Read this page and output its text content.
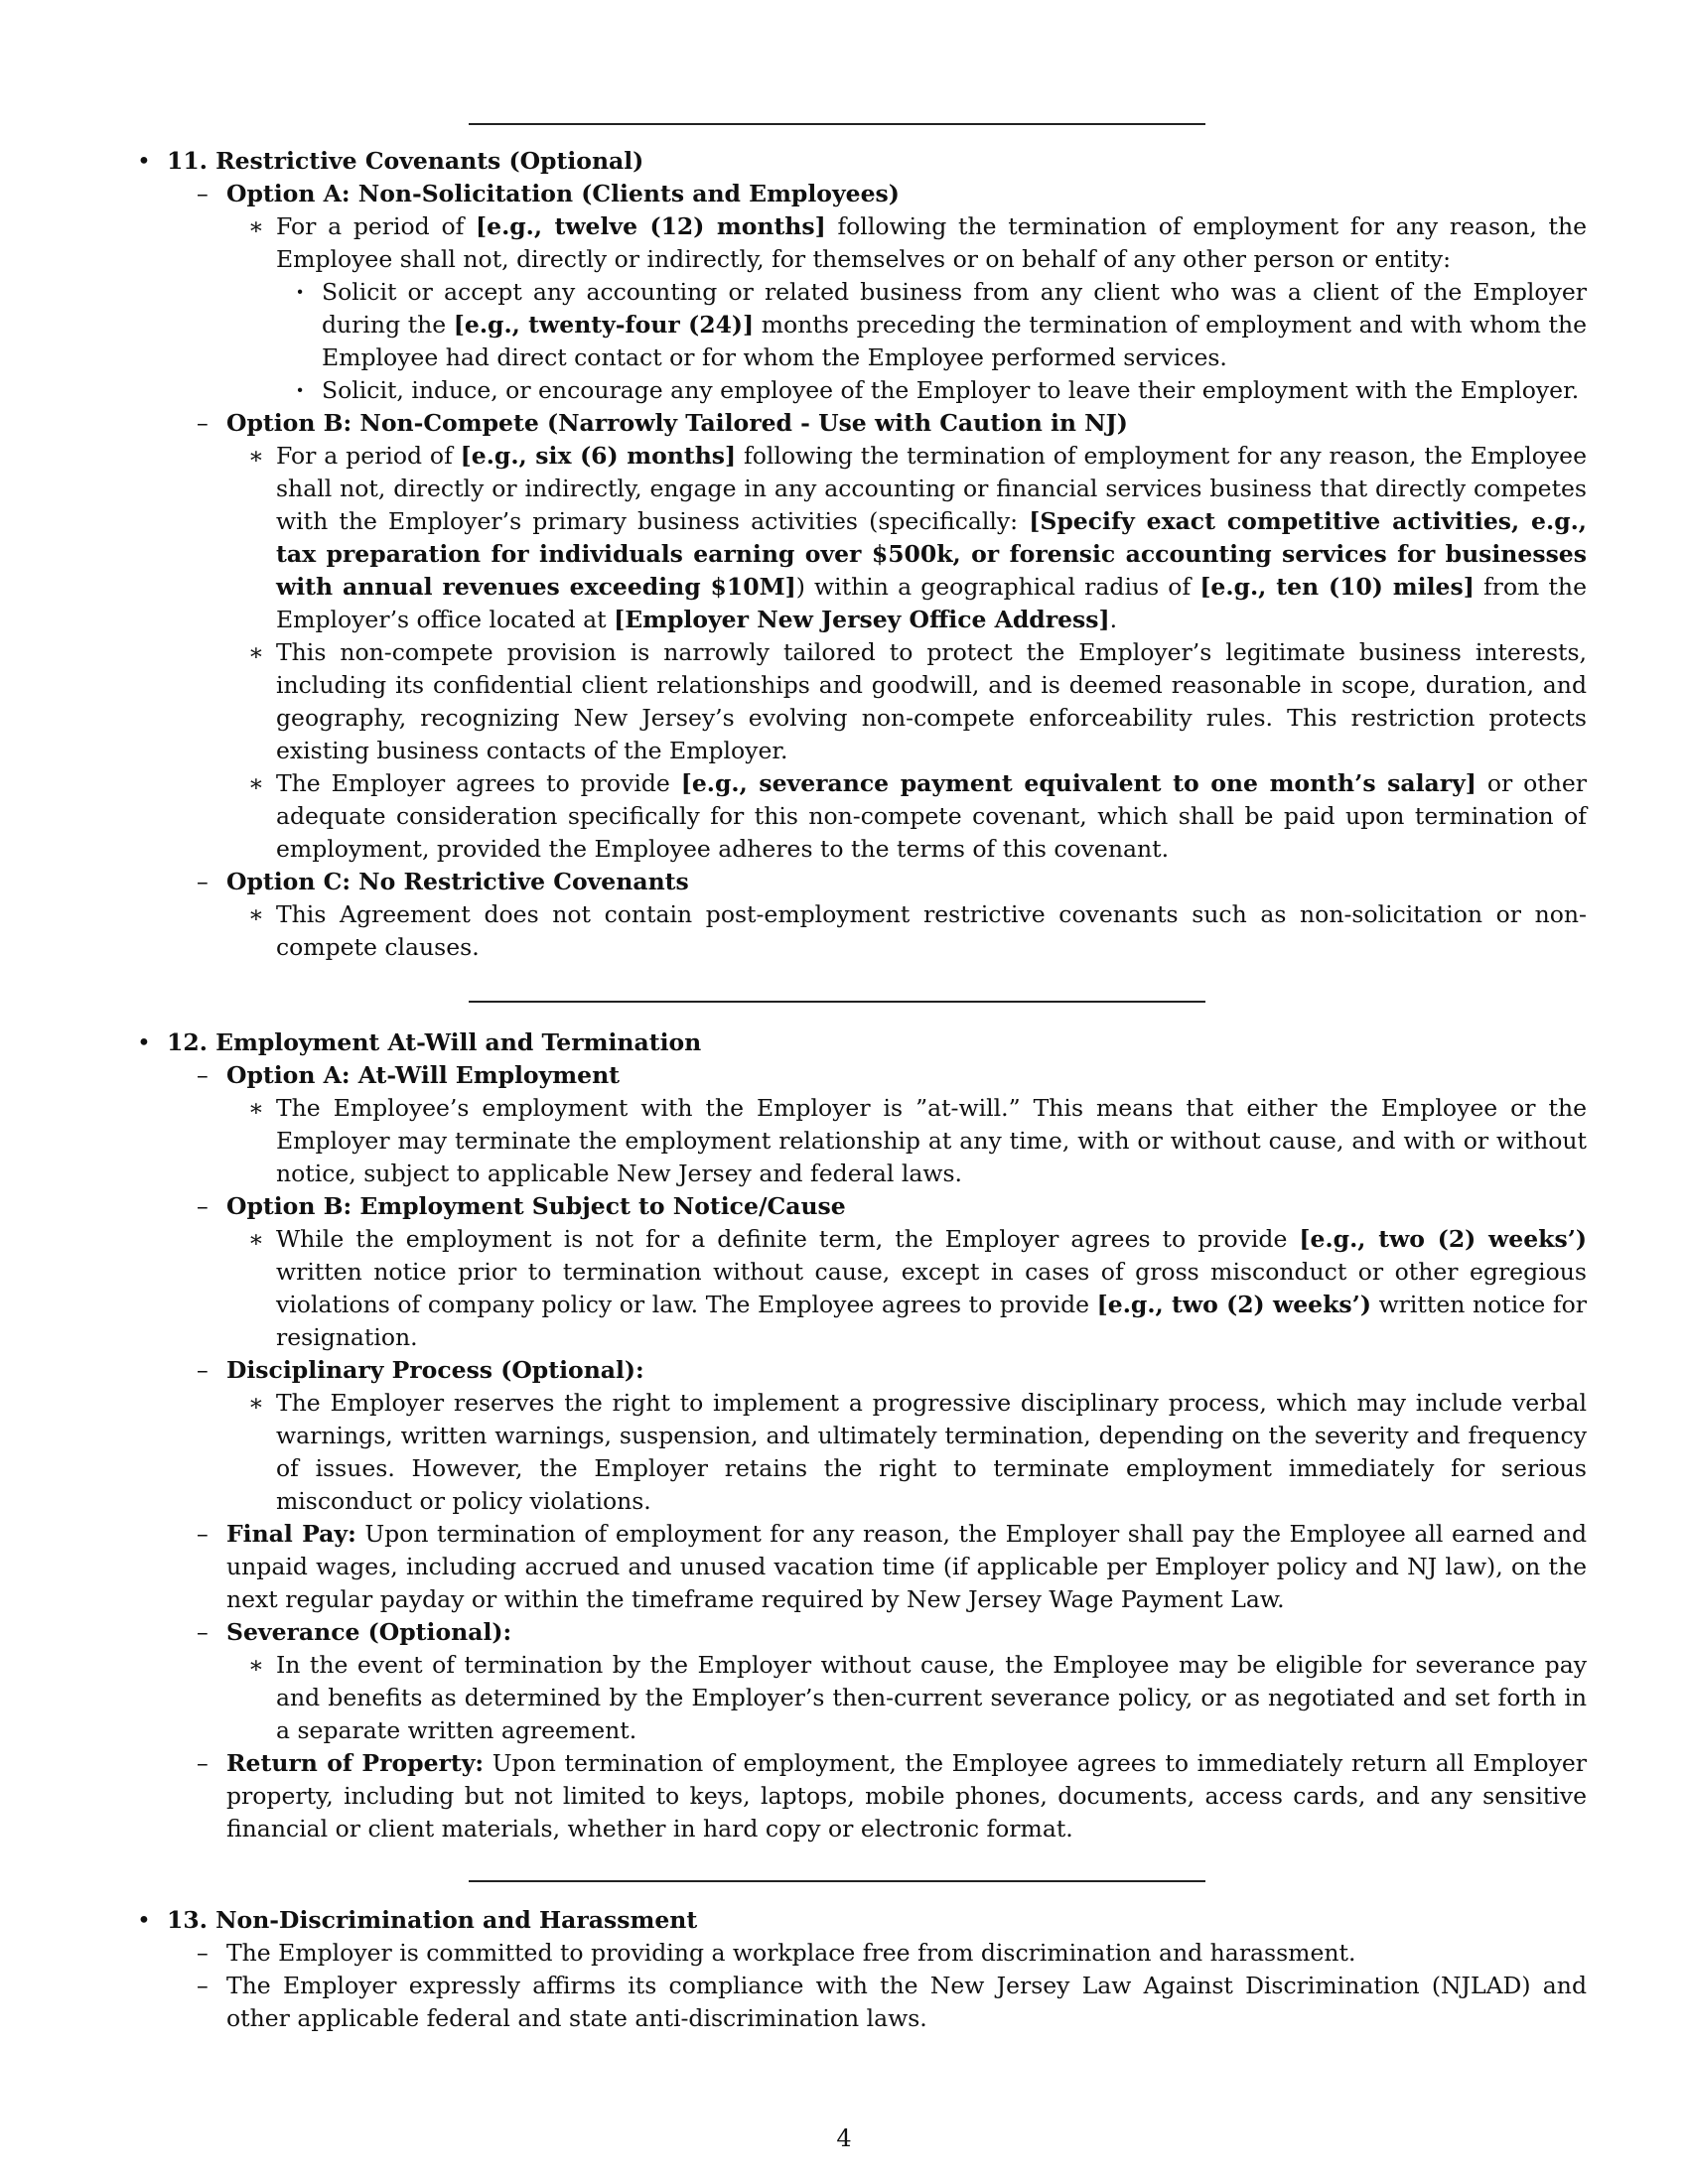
• 11. Restrictive Covenants (Optional)
– Option A: Non-Solicitation (Clients and Employees)
∗ For a period of [e.g., twelve (12) months] following the termination of employment for any reason, the Employee shall not, directly or indirectly, for themselves or on behalf of any other person or entity:
· Solicit or accept any accounting or related business from any client who was a client of the Employer during the [e.g., twenty-four (24)] months preceding the termination of employment and with whom the Employee had direct contact or for whom the Employee performed services.
· Solicit, induce, or encourage any employee of the Employer to leave their employment with the Employer.
– Option B: Non-Compete (Narrowly Tailored - Use with Caution in NJ)
∗ For a period of [e.g., six (6) months] following the termination of employment for any reason, the Employee shall not, directly or indirectly, engage in any accounting or financial services business that directly competes with the Employer’s primary business activities (specifically: [Specify exact competitive activities, e.g., tax preparation for individuals earning over $500k, or forensic accounting services for businesses with annual revenues exceeding $10M]) within a geographical radius of [e.g., ten (10) miles] from the Employer’s office located at [Employer New Jersey Office Address].
∗ This non-compete provision is narrowly tailored to protect the Employer’s legitimate business interests, including its confidential client relationships and goodwill, and is deemed reasonable in scope, duration, and geography, recognizing New Jersey’s evolving non-compete enforceability rules. This restriction protects existing business contacts of the Employer.
∗ The Employer agrees to provide [e.g., severance payment equivalent to one month’s salary] or other adequate consideration specifically for this non-compete covenant, which shall be paid upon termination of employment, provided the Employee adheres to the terms of this covenant.
– Option C: No Restrictive Covenants
∗ This Agreement does not contain post-employment restrictive covenants such as non-solicitation or non-compete clauses.
• 12. Employment At-Will and Termination
– Option A: At-Will Employment
∗ The Employee’s employment with the Employer is ”at-will.” This means that either the Employee or the Employer may terminate the employment relationship at any time, with or without cause, and with or without notice, subject to applicable New Jersey and federal laws.
– Option B: Employment Subject to Notice/Cause
∗ While the employment is not for a definite term, the Employer agrees to provide [e.g., two (2) weeks’) written notice prior to termination without cause, except in cases of gross misconduct or other egregious violations of company policy or law. The Employee agrees to provide [e.g., two (2) weeks’) written notice for resignation.
– Disciplinary Process (Optional):
∗ The Employer reserves the right to implement a progressive disciplinary process, which may include verbal warnings, written warnings, suspension, and ultimately termination, depending on the severity and frequency of issues. However, the Employer retains the right to terminate employment immediately for serious misconduct or policy violations.
– Final Pay: Upon termination of employment for any reason, the Employer shall pay the Employee all earned and unpaid wages, including accrued and unused vacation time (if applicable per Employer policy and NJ law), on the next regular payday or within the timeframe required by New Jersey Wage Payment Law.
– Severance (Optional):
∗ In the event of termination by the Employer without cause, the Employee may be eligible for severance pay and benefits as determined by the Employer’s then-current severance policy, or as negotiated and set forth in a separate written agreement.
– Return of Property: Upon termination of employment, the Employee agrees to immediately return all Employer property, including but not limited to keys, laptops, mobile phones, documents, access cards, and any sensitive financial or client materials, whether in hard copy or electronic format.
• 13. Non-Discrimination and Harassment
– The Employer is committed to providing a workplace free from discrimination and harassment.
– The Employer expressly affirms its compliance with the New Jersey Law Against Discrimination (NJLAD) and other applicable federal and state anti-discrimination laws.
4
